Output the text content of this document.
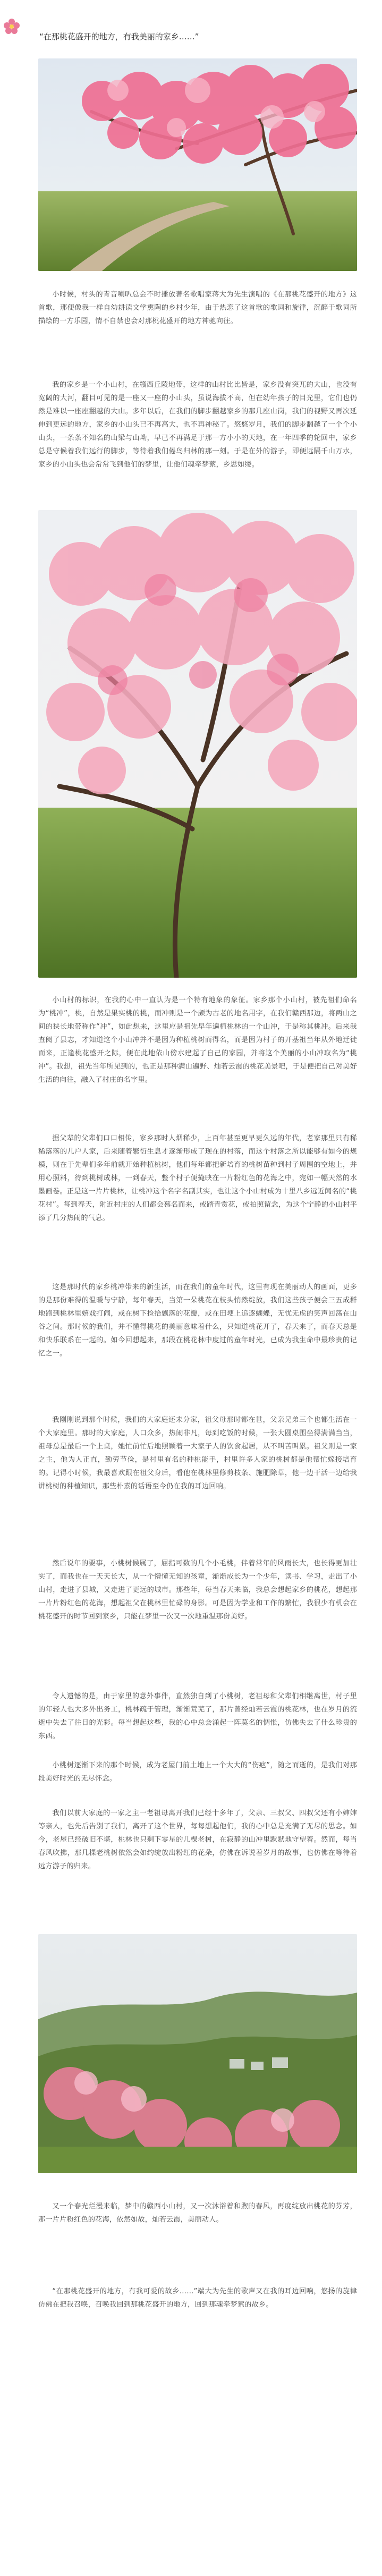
“在那桃花盛开的地方，有我美丽的家乡……”

小时候，村头的青音喇叭总会不时播放著名歌唱家蒋大为先生演唱的《在那桃花盛开的地方》这首歌，那便像我一样自幼耕读文学熏陶的乡村少年，由于热恋了这首歌的歌词和旋律，沉醉于歌词所描绘的一方乐园，情不自禁也会对那桃花盛开的地方神驰向往。

我的家乡是一个小山村，在赣西丘陵地带，这样的山村比比皆是，家乡没有突兀的大山，也没有宽阔的大河，翻目可见的是一座又一座的小山头，虽说海拔不高，但在幼年孩子的目光里，它们也仍然是难以一座座翻越的大山。多年以后，在我们的脚步翻越家乡的那几座山岗，我们的视野又再次延伸到更远的地方，家乡的小山头已不再高大，也不再神秘了。悠悠岁月，我们的脚步翻越了一个个小山头，一条条不知名的山梁与山坳，早已不再满足于那一方小小的天地，在一年四季的轮回中，家乡总是守候着我们远行的脚步，等待着我们倦鸟归林的那一刻。于是在外的游子，即便远隔千山万水，家乡的小山头也会常常飞到他们的梦里，让他们魂牵梦萦，乡思如缕。

小山村的标识，在我的心中一直认为是一个特有地象的象征。家乡那个小山村，被先祖们命名为“桃冲”，桃，自然是果实桃的桃，而冲则是一个颇为古老的地名用字，在我们赣西那边，将两山之间的狭长地带称作“冲”，如此想来，这里应是祖先早年遍植桃林的一个山冲，于是称其桃冲。后来我查阅了县志，才知道这个小山冲并不是因为种植桃树而得名，而是因为村子的开基祖当年从外地迁徙而来，正逢桃花盛开之际，便在此地依山傍水建起了自己的家园，并将这个美丽的小山冲取名为“桃冲”。我想，祖先当年所见到的，也正是那种满山遍野、灿若云霞的桃花美景吧，于是便把自己对美好生活的向往，融入了村庄的名字里。

据父辈的父辈们口口相传，家乡那时人烟稀少，上百年甚至更早更久远的年代，老家那里只有稀稀落落的几户人家，后来随着繁衍生息才逐渐形成了现在的村落，而这个村落之所以能够有如今的规模，则在于先辈们多年前就开始种植桃树，他们每年都把新培育的桃树苗种到村子周围的空地上，并用心照料，待到桃树成林，一到春天，整个村子便掩映在一片粉红色的花海之中，宛如一幅天然的水墨画卷。正是这一片片桃林，让桃冲这个名字名副其实，也让这个小山村成为十里八乡远近闻名的“桃花村”。每到春天，附近村庄的人们都会慕名而来，或踏青赏花，或拍照留念，为这个宁静的小山村平添了几分热闹的气息。

这是那时代的家乡桃冲带来的新生活，而在我们的童年时代，这里有现在美丽动人的画面，更多的是那份难得的温暖与宁静，每年春天，当第一朵桃花在枝头悄然绽放，我们这些孩子便会三五成群地跑到桃林里嬉戏打闹，或在树下捡拾飘落的花瓣，或在田埂上追逐蝴蝶，无忧无虑的笑声回荡在山谷之间。那时候的我们，并不懂得桃花的美丽意味着什么，只知道桃花开了，春天来了，而春天总是和快乐联系在一起的。如今回想起来，那段在桃花林中度过的童年时光，已成为我生命中最珍贵的记忆之一。

我刚刚说到那个时候，我们的大家庭还未分家，祖父母那时都在世，父亲兄弟三个也都生活在一个大家庭里。那时的大家庭，人口众多，热闹非凡，每到吃饭的时候，一张大圆桌围坐得满满当当，祖母总是最后一个上桌，她忙前忙后地照顾着一大家子人的饮食起居，从不叫苦叫累。祖父则是一家之主，他为人正直，勤劳节俭，是村里有名的种桃能手，村里许多人家的桃树都是他帮忙嫁接培育的。记得小时候，我最喜欢跟在祖父身后，看他在桃林里修剪枝条、施肥除草，他一边干活一边给我讲桃树的种植知识，那些朴素的话语至今仍在我的耳边回响。

然后说年的要事，小桃树候属了，屈指可数的几个小毛桃，伴着常年的风雨长大，也长得更加壮实了，而我也在一天天长大，从一个懵懂无知的孩童，渐渐成长为一个少年，读书、学习，走出了小山村，走进了县城，又走进了更远的城市。那些年，每当春天来临，我总会想起家乡的桃花，想起那一片片粉红色的花海，想起祖父在桃林里忙碌的身影。可是因为学业和工作的繁忙，我很少有机会在桃花盛开的时节回到家乡，只能在梦里一次又一次地重温那份美好。

令人遗憾的是，由于家里的意外事件，直然独自到了小桃树，老祖母和父辈们相继离世，村子里的年轻人也大多外出务工，桃林疏于管理，渐渐荒芜了，那片曾经灿若云霞的桃花林，也在岁月的流逝中失去了往日的光彩。每当想起这些，我的心中总会涌起一阵莫名的惆怅，仿佛失去了什么珍贵的东西。

小桃树逐渐下来的那个时候，成为老屋门前土地上一个大大的“伤疤”，随之而逝的，是我们对那段美好时光的无尽怀念。

我们以前大家庭的一家之主一老祖母离开我们已经十多年了，父亲、三叔父、四叔父还有小婶婶等亲人，也先后告别了我们，离开了这个世界，每每想起他们，我的心中总是充满了无尽的思念。如今，老屋已经破旧不堪，桃林也只剩下零星的几棵老树，在寂静的山冲里默默地守望着。然而，每当春风吹拂，那几棵老桃树依然会如约绽放出粉红的花朵，仿佛在诉说着岁月的故事，也仿佛在等待着远方游子的归来。

又一个春光烂漫来临，梦中的赣西小山村，又一次沐浴着和煦的春风，再度绽放出桃花的芬芳，那一片片粉红色的花海，依然如故，灿若云霞，美丽动人。

“在那桃花盛开的地方，有我可爱的故乡……”端大为先生的歌声又在我的耳边回响，悠扬的旋律仿佛在把我召唤，召唤我回到那桃花盛开的地方，回到那魂牵梦萦的故乡。
